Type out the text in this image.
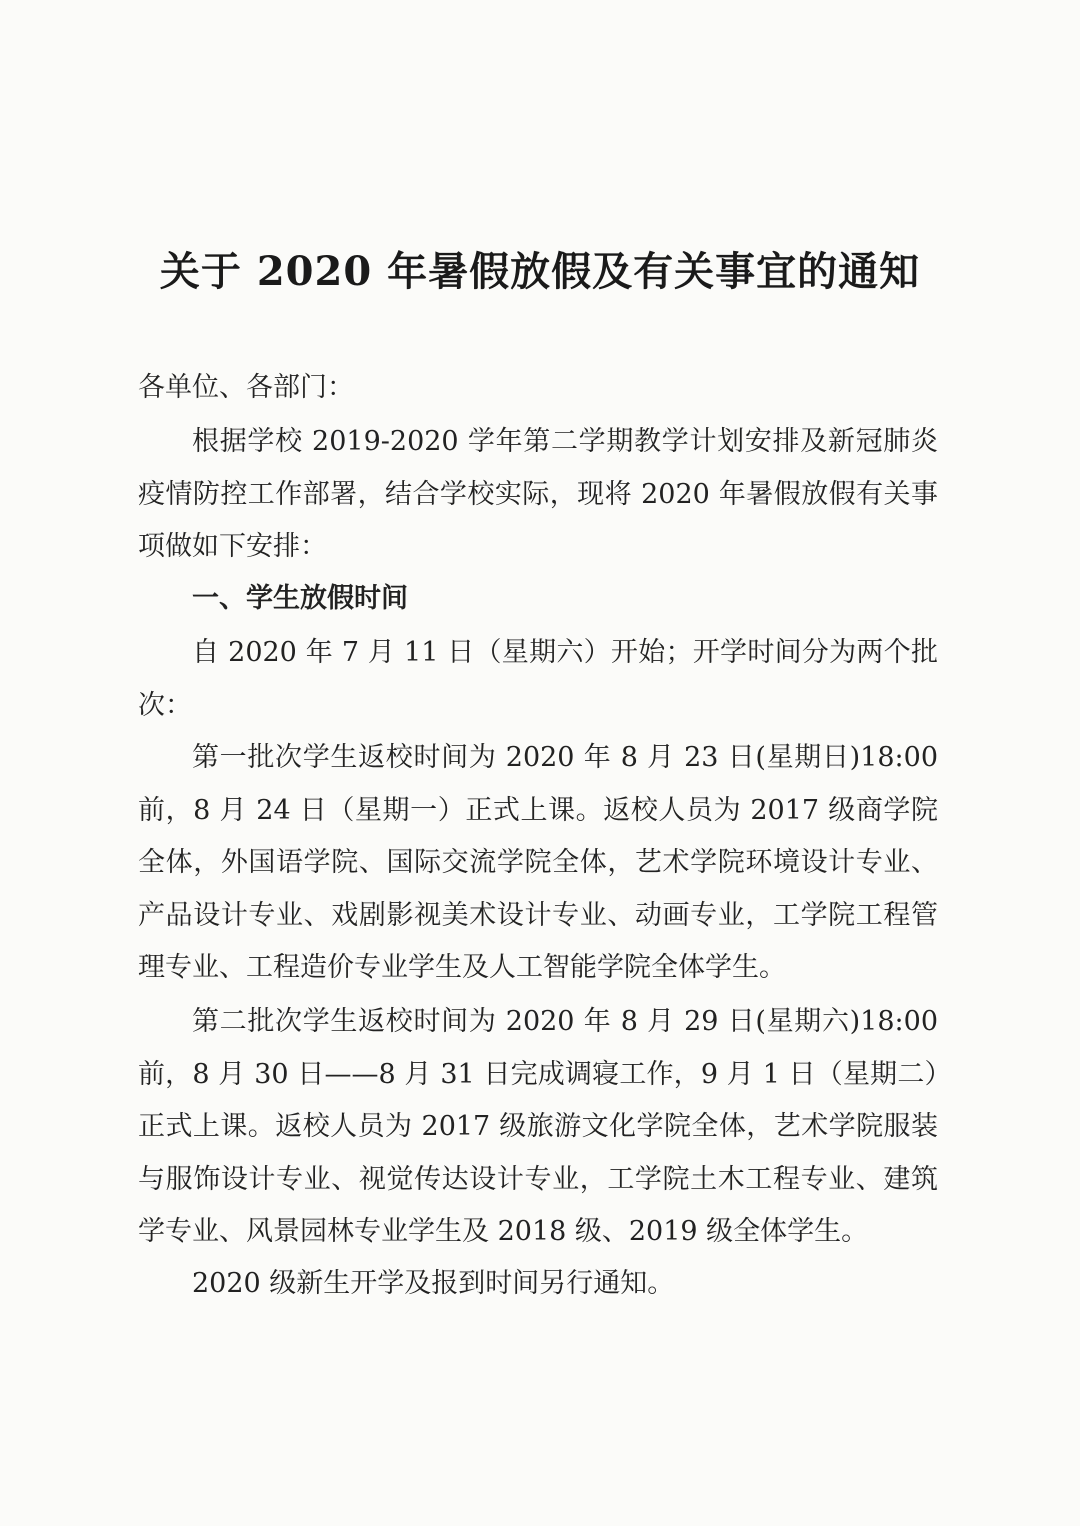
关于 2020 年暑假放假及有关事宜的通知
各单位、各部门：
根据学校 2019-2020 学年第二学期教学计划安排及新冠肺炎疫情防控工作部署，结合学校实际，现将 2020 年暑假放假有关事项做如下安排：
一、学生放假时间
自 2020 年 7 月 11 日（星期六）开始；开学时间分为两个批次：
第一批次学生返校时间为 2020 年 8 月 23 日(星期日)18:00 前，8 月 24 日（星期一）正式上课。返校人员为 2017 级商学院全体，外国语学院、国际交流学院全体，艺术学院环境设计专业、产品设计专业、戏剧影视美术设计专业、动画专业，工学院工程管理专业、工程造价专业学生及人工智能学院全体学生。
第二批次学生返校时间为 2020 年 8 月 29 日(星期六)18:00 前，8 月 30 日——8 月 31 日完成调寝工作，9 月 1 日（星期二）正式上课。返校人员为 2017 级旅游文化学院全体，艺术学院服装与服饰设计专业、视觉传达设计专业，工学院土木工程专业、建筑学专业、风景园林专业学生及 2018 级、2019 级全体学生。
2020 级新生开学及报到时间另行通知。
